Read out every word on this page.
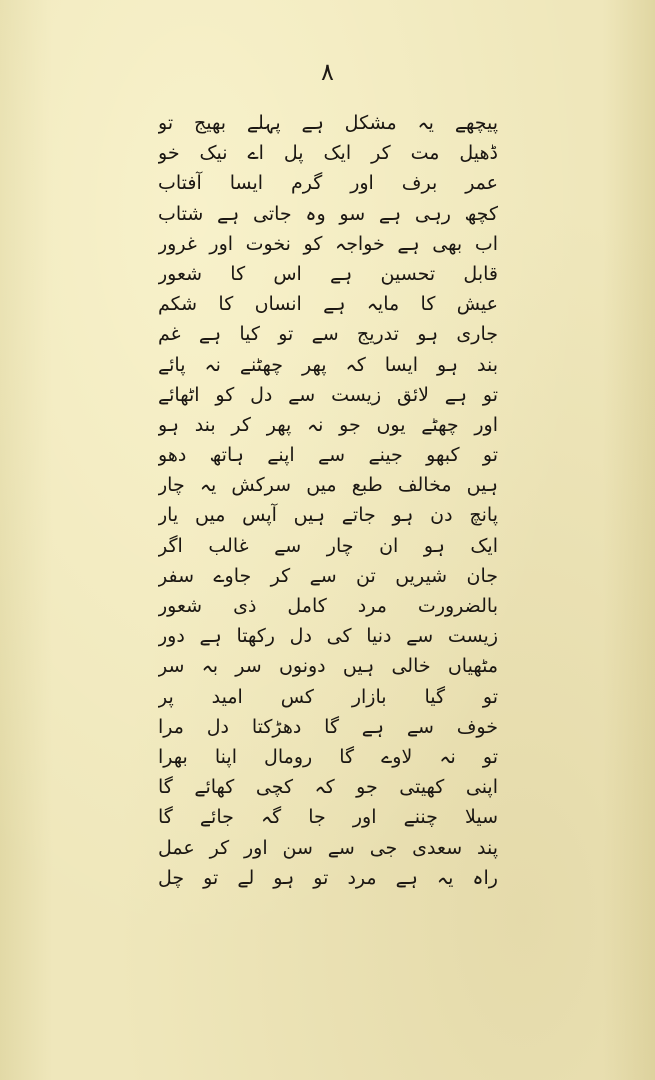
۸
پیچھے یہ مشکل ہے پہلے بھیج تو
ڈھیل مت کر ایک پل اے نیک خو
عمر برف اور گرم ایسا آفتاب
کچھ رہی ہے سو وہ جاتی ہے شتاب
اب بھی ہے خواجہ کو نخوت اور غرور
قابل تحسین ہے اس کا شعور
عیش کا مایہ ہے انساں کا شکم
جاری ہو تدریج سے تو کیا ہے غم
بند ہو ایسا کہ پھر چھٹنے نہ پائے
تو ہے لائق زیست سے دل کو اٹھائے
اور چھٹے یوں جو نہ پھر کر بند ہو
تو کبھو جینے سے اپنے ہاتھ دھو
ہیں مخالف طبع میں سرکش یہ چار
پانچ دن ہو جاتے ہیں آپس میں یار
ایک ہو ان چار سے غالب اگر
جان شیریں تن سے کر جاوے سفر
بالضرورت مرد کامل ذی شعور
زیست سے دنیا کی دل رکھتا ہے دور
مٹھیاں خالی ہیں دونوں سر بہ سر
تو گیا بازار کس امید پر
خوف سے ہے گا دھڑکتا دل مرا
تو نہ لاوے گا رومال اپنا بھرا
اپنی کھیتی جو کہ کچی کھائے گا
سیلا چننے اور جا گہ جائے گا
پند سعدی جی سے سن اور کر عمل
راہ یہ ہے مرد تو ہو لے تو چل
